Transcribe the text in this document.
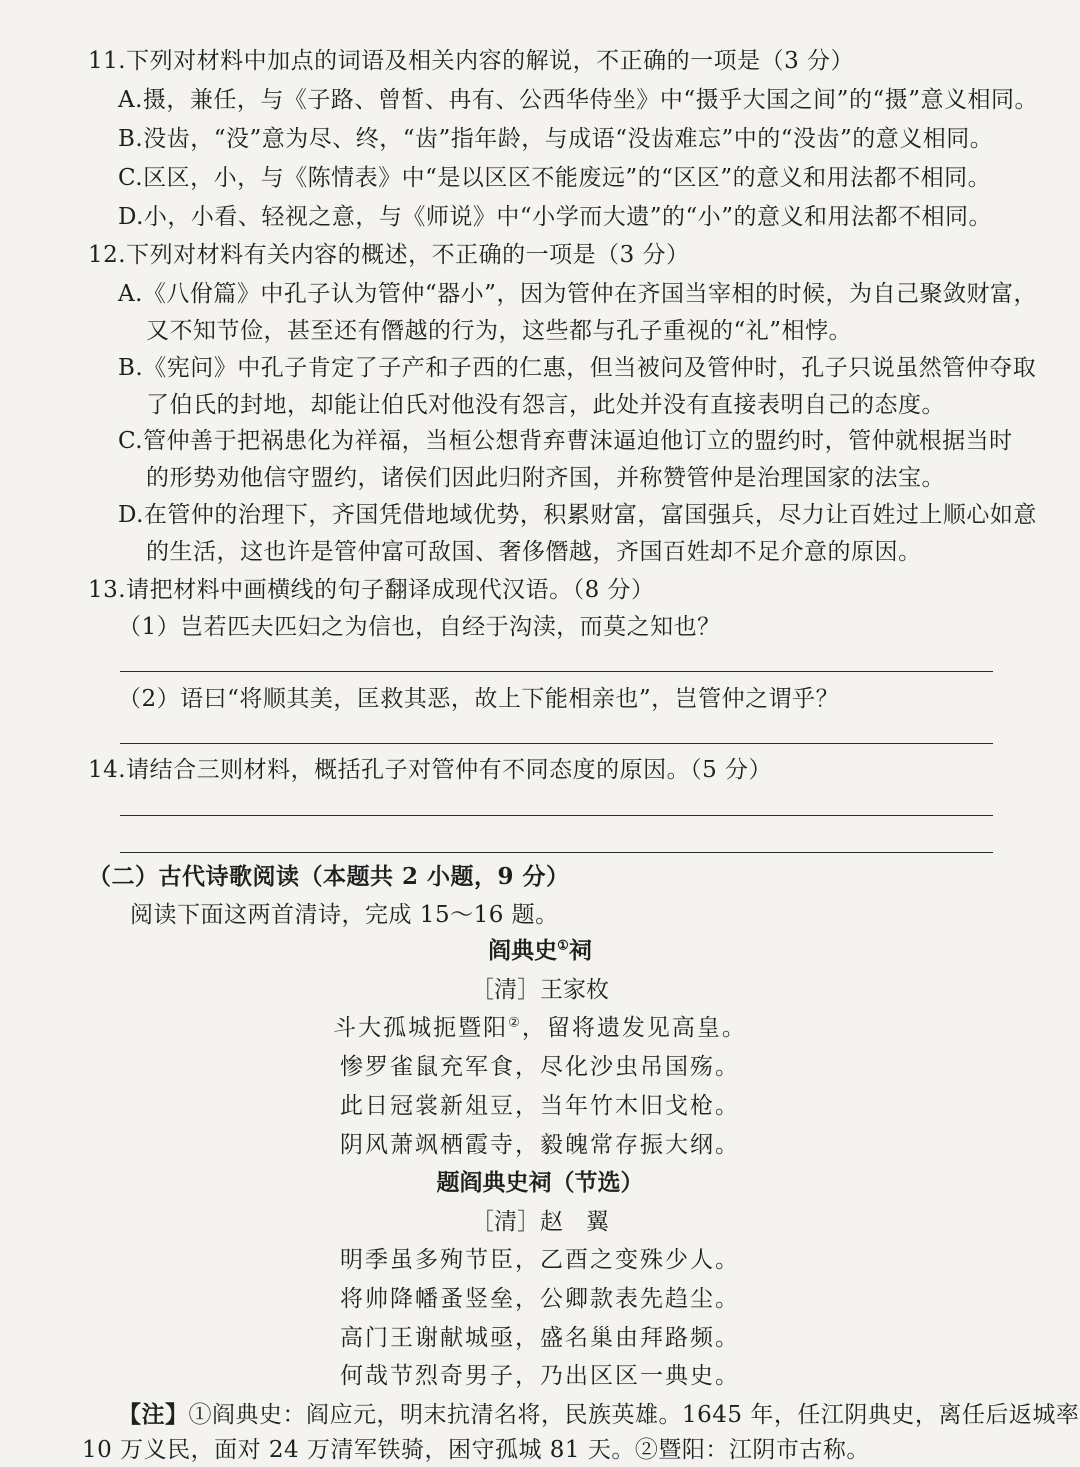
11.下列对材料中加点的词语及相关内容的解说，不正确的一项是（3 分）
A.摄，兼任，与《子路、曾皙、冉有、公西华侍坐》中“摄乎大国之间”的“摄”意义相同。
B.没齿，“没”意为尽、终，“齿”指年龄，与成语“没齿难忘”中的“没齿”的意义相同。
C.区区，小，与《陈情表》中“是以区区不能废远”的“区区”的意义和用法都不相同。
D.小，小看、轻视之意，与《师说》中“小学而大遗”的“小”的意义和用法都不相同。
12.下列对材料有关内容的概述，不正确的一项是（3 分）
A.《八佾篇》中孔子认为管仲“器小”，因为管仲在齐国当宰相的时候，为自己聚敛财富，
又不知节俭，甚至还有僭越的行为，这些都与孔子重视的“礼”相悖。
B.《宪问》中孔子肯定了子产和子西的仁惠，但当被问及管仲时，孔子只说虽然管仲夺取
了伯氏的封地，却能让伯氏对他没有怨言，此处并没有直接表明自己的态度。
C.管仲善于把祸患化为祥福，当桓公想背弃曹沫逼迫他订立的盟约时，管仲就根据当时
的形势劝他信守盟约，诸侯们因此归附齐国，并称赞管仲是治理国家的法宝。
D.在管仲的治理下，齐国凭借地域优势，积累财富，富国强兵，尽力让百姓过上顺心如意
的生活，这也许是管仲富可敌国、奢侈僭越，齐国百姓却不足介意的原因。
13.请把材料中画横线的句子翻译成现代汉语。（8 分）
（1）岂若匹夫匹妇之为信也，自经于沟渎，而莫之知也？
（2）语曰“将顺其美，匡救其恶，故上下能相亲也”，岂管仲之谓乎？
14.请结合三则材料，概括孔子对管仲有不同态度的原因。（5 分）
（二）古代诗歌阅读（本题共 2 小题，9 分）
阅读下面这两首清诗，完成 15～16 题。
阎典史①祠
［清］王家枚
斗大孤城扼暨阳②，留将遗发见高皇。
惨罗雀鼠充军食，尽化沙虫吊国殇。
此日冠裳新俎豆，当年竹木旧戈枪。
阴风萧飒栖霞寺，毅魄常存振大纲。
题阎典史祠（节选）
［清］赵　翼
明季虽多殉节臣，乙酉之变殊少人。
将帅降幡蚤竖垒，公卿款表先趋尘。
高门王谢献城亟，盛名巢由拜路频。
何哉节烈奇男子，乃出区区一典史。
【注】①阎典史：阎应元，明末抗清名将，民族英雄。1645 年，任江阴典史，离任后返城率
10 万义民，面对 24 万清军铁骑，困守孤城 81 天。②暨阳：江阴市古称。
